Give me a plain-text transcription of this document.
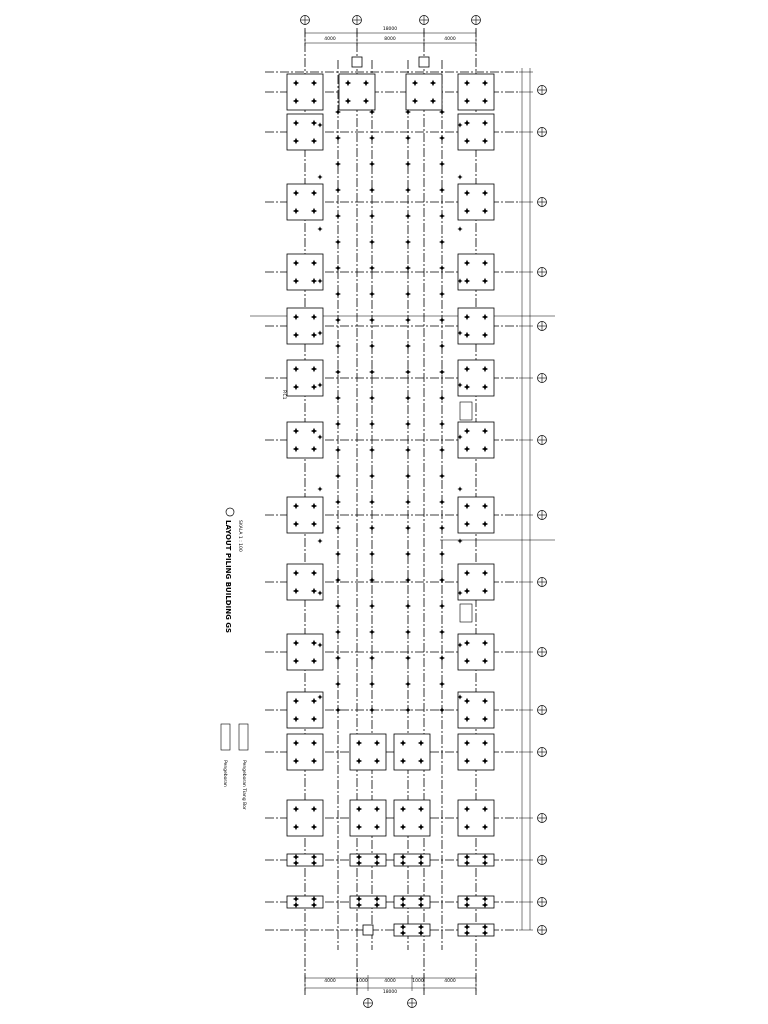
18000
4000	8000	4000
4000	1000	4000	1000	4000
18000
LAYOUT PILING BUILDING GS SKALA 1 : 100
Pengeboran Tiang Bor
Pengeboran
P.C1
